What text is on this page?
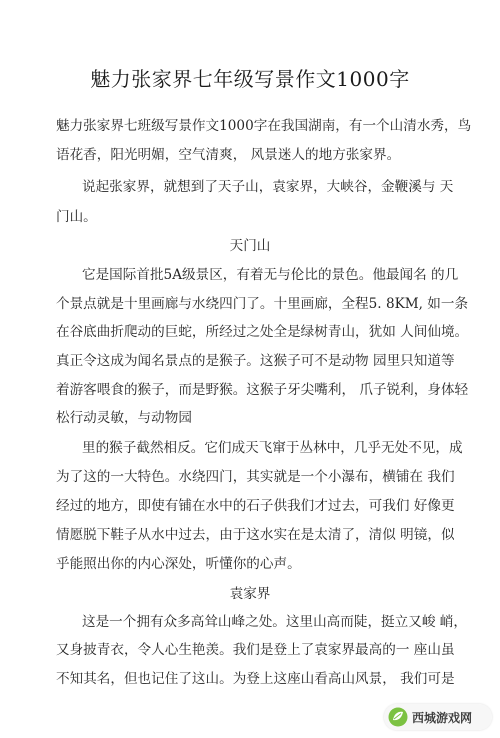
魅力张家界七年级写景作文1000字
魅力张家界七班级写景作文1000字在我国湖南，有一个山清水秀，鸟
语花香，阳光明媚，空气清爽， 风景迷人的地方张家界。
说起张家界，就想到了天子山，袁家界，大峡谷，金鞭溪与 天
门山。
天门山
它是国际首批5A级景区，有着无与伦比的景色。他最闻名 的几
个景点就是十里画廊与水绕四门了。十里画廊，全程5. 8KM, 如一条
在谷底曲折爬动的巨蛇，所经过之处全是绿树青山，犹如 人间仙境。
真正令这成为闻名景点的是猴子。这猴子可不是动物 园里只知道等
着游客喂食的猴子，而是野猴。这猴子牙尖嘴利， 爪子锐利，身体轻
松行动灵敏，与动物园
里的猴子截然相反。它们成天飞窜于丛林中，几乎无处不见，成
为了这的一大特色。水绕四门，其实就是一个小瀑布，横铺在 我们
经过的地方，即使有铺在水中的石子供我们才过去，可我们 好像更
情愿脱下鞋子从水中过去，由于这水实在是太清了，清似 明镜，似
乎能照出你的内心深处，听懂你的心声。
袁家界
这是一个拥有众多高耸山峰之处。这里山高而陡，挺立又峻 峭，
又身披青衣，令人心生艳羡。我们是登上了袁家界最高的一 座山虽
不知其名，但也记住了这山。为登上这座山看高山风景， 我们可是
西城游戏网
